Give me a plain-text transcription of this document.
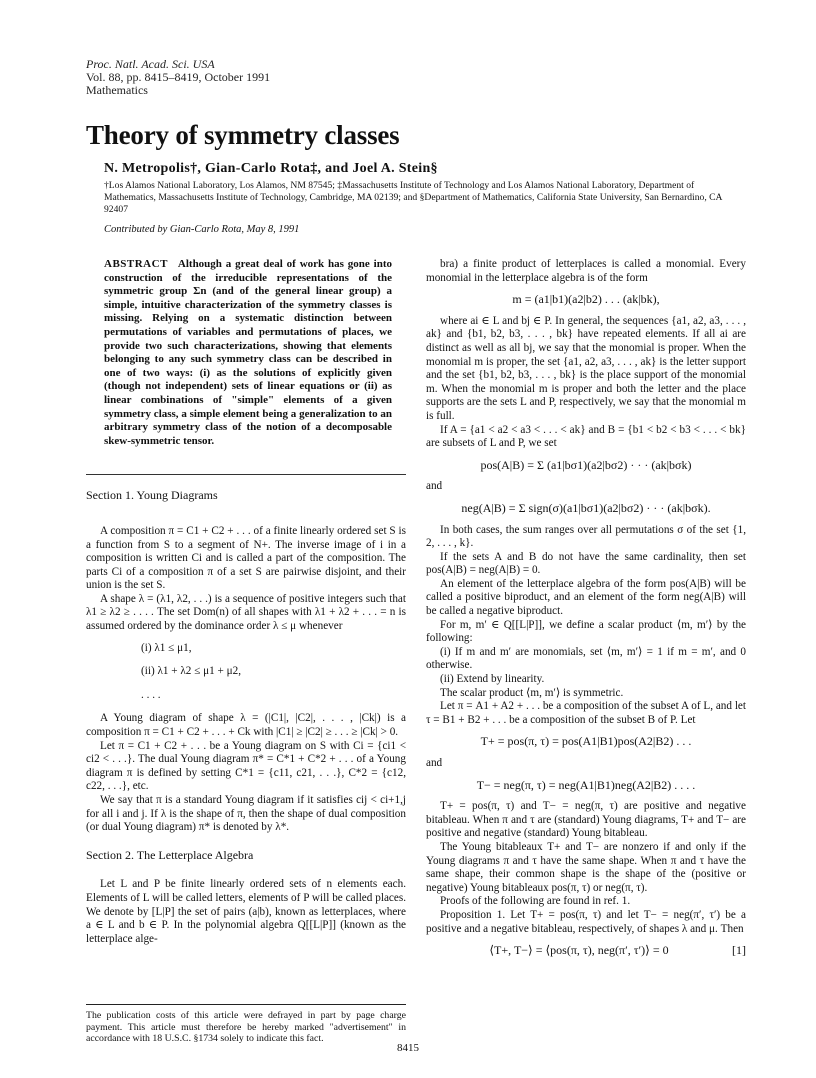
Proc. Natl. Acad. Sci. USA
Vol. 88, pp. 8415–8419, October 1991
Mathematics
Theory of symmetry classes
N. Metropolis†, Gian-Carlo Rota‡, and Joel A. Stein§
†Los Alamos National Laboratory, Los Alamos, NM 87545; ‡Massachusetts Institute of Technology and Los Alamos National Laboratory, Department of Mathematics, Massachusetts Institute of Technology, Cambridge, MA 02139; and §Department of Mathematics, California State University, San Bernardino, CA 92407
Contributed by Gian-Carlo Rota, May 8, 1991
ABSTRACT Although a great deal of work has gone into construction of the irreducible representations of the symmetric group Σn (and of the general linear group) a simple, intuitive characterization of the symmetry classes is missing. Relying on a systematic distinction between permutations of variables and permutations of places, we provide two such characterizations, showing that elements belonging to any such symmetry class can be described in one of two ways: (i) as the solutions of explicitly given (though not independent) sets of linear equations or (ii) as linear combinations of "simple" elements of a given symmetry class, a simple element being a generalization to an arbitrary symmetry class of the notion of a decomposable skew-symmetric tensor.

Section 1. Young Diagrams

A composition π = C1 + C2 + . . . of a finite linearly ordered set S is a function from S to a segment of N+. The inverse image of i in a composition is written Ci and is called a part of the composition. The parts Ci of a composition π of a set S are pairwise disjoint, and their union is the set S.

A shape λ = (λ1, λ2, . . .) is a sequence of positive integers such that λ1 ≥ λ2 ≥ . . . . The set Dom(n) of all shapes with λ1 + λ2 + . . . = n is assumed ordered by the dominance order λ ≤ μ whenever

(i) λ1 ≤ μ1,
(ii) λ1 + λ2 ≤ μ1 + μ2,
. . . .

A Young diagram of shape λ = (|C1|, |C2|, . . . , |Ck|) is a composition π = C1 + C2 + . . . + Ck with |C1| ≥ |C2| ≥ . . . ≥ |Ck| > 0.

Let π = C1 + C2 + . . . be a Young diagram on S with Ci = {ci1 < ci2 < . . .}. The dual Young diagram π* = C*1 + C*2 + . . . of a Young diagram π is defined by setting C*1 = {c11, c21, . . .}, C*2 = {c12, c22, . . .}, etc.

We say that π is a standard Young diagram if it satisfies cij < ci+1,j for all i and j. If λ is the shape of π, then the shape of dual composition (or dual Young diagram) π* is denoted by λ*.

Section 2. The Letterplace Algebra

Let L and P be finite linearly ordered sets of n elements each. Elements of L will be called letters, elements of P will be called places. We denote by [L|P] the set of pairs (a|b), known as letterplaces, where a ∈ L and b ∈ P. In the polynomial algebra Q[[L|P]] (known as the letterplace alge-

bra) a finite product of letterplaces is called a monomial. Every monomial in the letterplace algebra is of the form

m = (a1|b1)(a2|b2) . . . (ak|bk),

where ai ∈ L and bj ∈ P. In general, the sequences {a1, a2, a3, . . . , ak} and {b1, b2, b3, . . . , bk} have repeated elements. If all ai are distinct as well as all bj, we say that the monomial is proper. When the monomial m is proper, the set {a1, a2, a3, . . . , ak} is the letter support and the set {b1, b2, b3, . . . , bk} is the place support of the monomial m. When the monomial m is proper and both the letter and the place supports are the sets L and P, respectively, we say that the monomial m is full.

If A = {a1 < a2 < a3 < . . . < ak} and B = {b1 < b2 < b3 < . . . < bk} are subsets of L and P, we set

pos(A|B) = Σ (a1|bσ1)(a2|bσ2) · · · (ak|bσk)

and

neg(A|B) = Σ sign(σ)(a1|bσ1)(a2|bσ2) · · · (ak|bσk).

In both cases, the sum ranges over all permutations σ of the set {1, 2, . . . , k}.

If the sets A and B do not have the same cardinality, then set pos(A|B) = neg(A|B) = 0.

An element of the letterplace algebra of the form pos(A|B) will be called a positive biproduct, and an element of the form neg(A|B) will be called a negative biproduct.

For m, m′ ∈ Q[[L|P]], we define a scalar product ⟨m, m′⟩ by the following:

(i) If m and m′ are monomials, set ⟨m, m′⟩ = 1 if m = m′, and 0 otherwise.

(ii) Extend by linearity.

The scalar product ⟨m, m′⟩ is symmetric.

Let π = A1 + A2 + . . . be a composition of the subset A of L, and let τ = B1 + B2 + . . . be a composition of the subset B of P. Let

T+ = pos(π, τ) = pos(A1|B1)pos(A2|B2) . . .

and

T− = neg(π, τ) = neg(A1|B1)neg(A2|B2) . . . .

T+ = pos(π, τ) and T− = neg(π, τ) are positive and negative bitableau. When π and τ are (standard) Young diagrams, T+ and T− are positive and negative (standard) Young bitableau.

The Young bitableaux T+ and T− are nonzero if and only if the Young diagrams π and τ have the same shape. When π and τ have the same shape, their common shape is the shape of the (positive or negative) Young bitableaux pos(π, τ) or neg(π, τ).

Proofs of the following are found in ref. 1.

Proposition 1. Let T+ = pos(π, τ) and let T− = neg(π′, τ′) be a positive and a negative bitableau, respectively, of shapes λ and μ. Then

⟨T+, T−⟩ = ⟨pos(π, τ), neg(π′, τ′)⟩ = 0	[1]
The publication costs of this article were defrayed in part by page charge payment. This article must therefore be hereby marked "advertisement" in accordance with 18 U.S.C. §1734 solely to indicate this fact.
8415
